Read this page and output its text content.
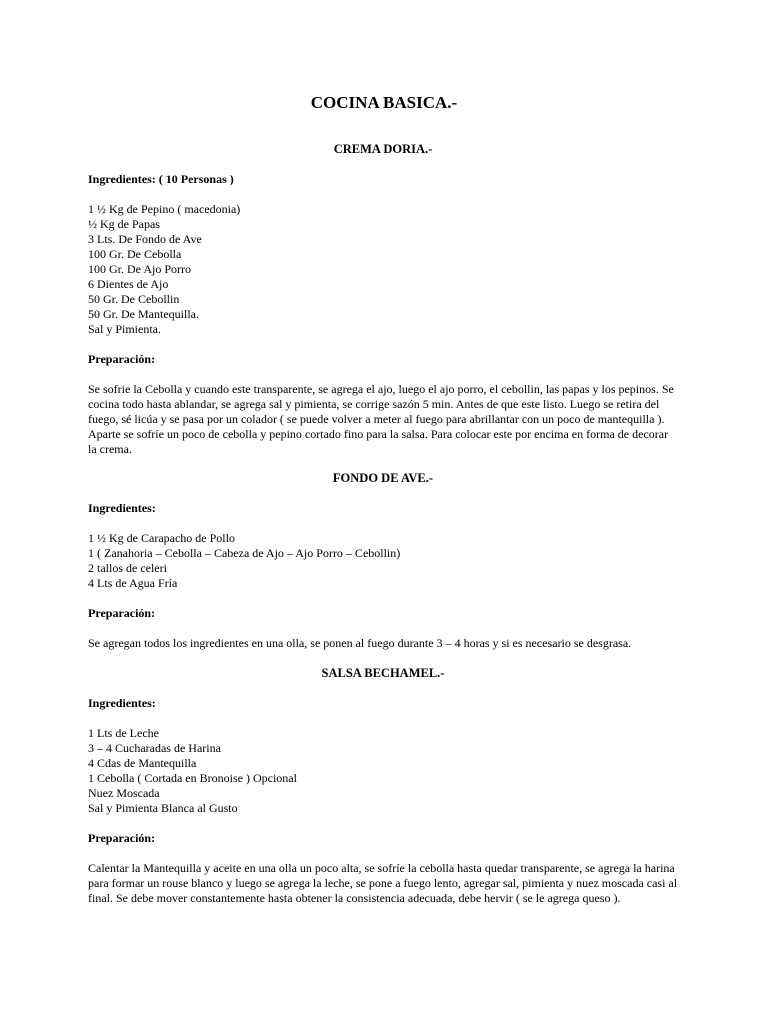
COCINA BASICA.-
CREMA DORIA.-

Ingredientes: ( 10 Personas )

1 ½ Kg de Pepino ( macedonia)
½ Kg de Papas
3 Lts. De Fondo de Ave
100 Gr. De Cebolla
100 Gr. De Ajo Porro
6 Dientes de Ajo
50 Gr. De Cebollin
50 Gr. De Mantequilla.
Sal y Pimienta.

Preparación:

Se sofrie la Cebolla y cuando este transparente, se agrega el ajo, luego el ajo porro, el cebollin, las papas y los pepinos. Se cocina todo hasta ablandar, se agrega sal y pimienta, se corrige sazón 5 min. Antes de que este listo. Luego se retira del fuego, sé licúa y se pasa por un colador ( se puede volver a meter al fuego para abrillantar con un poco de mantequilla ).

Aparte se sofríe un poco de cebolla y pepino cortado fino para la salsa. Para colocar este por encima en forma de decorar la crema.

FONDO DE AVE.-

Ingredientes:

1 ½ Kg de Carapacho de Pollo
1 ( Zanahoria – Cebolla – Cabeza de Ajo – Ajo Porro – Cebollin)
2 tallos de celeri
4 Lts de Agua Fría

Preparación:

Se agregan todos los ingredientes en una olla, se ponen al fuego durante 3 – 4 horas y si es necesario se desgrasa.

SALSA BECHAMEL.-

Ingredientes:

1 Lts de Leche
3 – 4 Cucharadas de Harina
4 Cdas de Mantequilla
1 Cebolla ( Cortada en Bronoise ) Opcional
Nuez Moscada
Sal y Pimienta Blanca al Gusto

Preparación:

Calentar la Mantequilla y aceite en una olla un poco alta, se sofríe la cebolla hasta quedar transparente, se agrega la harina para formar un rouse blanco y luego se agrega la leche, se pone a fuego lento, agregar sal, pimienta y nuez moscada casi al final. Se debe mover constantemente hasta obtener la consistencia adecuada, debe hervir ( se le agrega queso ).
